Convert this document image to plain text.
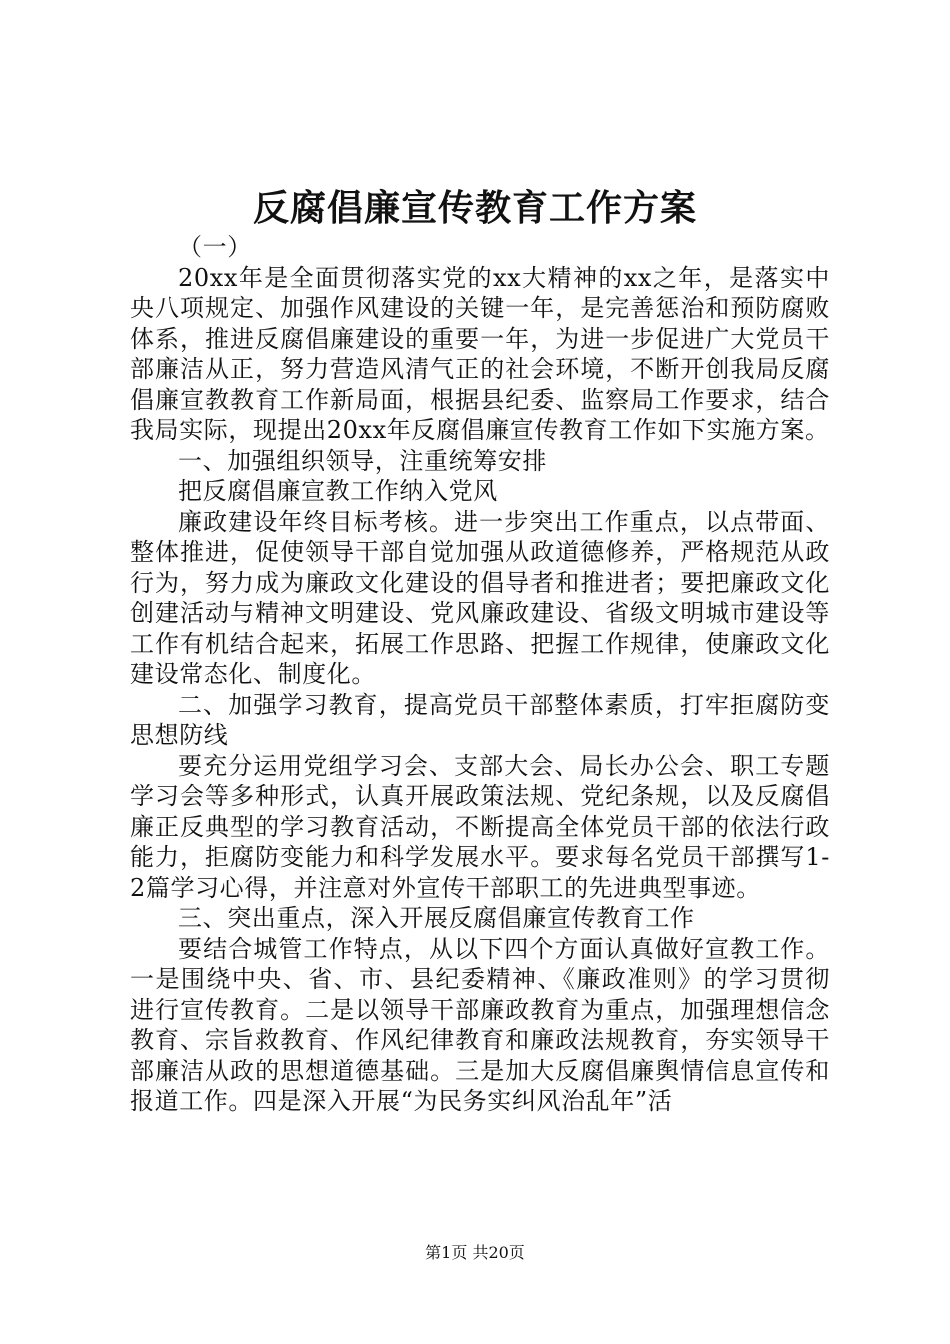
反腐倡廉宣传教育工作方案

（一）

20xx年是全面贯彻落实党的xx大精神的xx之年，是落实中央八项规定、加强作风建设的关键一年，是完善惩治和预防腐败体系，推进反腐倡廉建设的重要一年，为进一步促进广大党员干部廉洁从正，努力营造风清气正的社会环境，不断开创我局反腐倡廉宣教教育工作新局面，根据县纪委、监察局工作要求，结合我局实际，现提出20xx年反腐倡廉宣传教育工作如下实施方案。

一、加强组织领导，注重统筹安排

把反腐倡廉宣教工作纳入党风

廉政建设年终目标考核。进一步突出工作重点，以点带面、整体推进，促使领导干部自觉加强从政道德修养，严格规范从政行为，努力成为廉政文化建设的倡导者和推进者；要把廉政文化创建活动与精神文明建设、党风廉政建设、省级文明城市建设等工作有机结合起来，拓展工作思路、把握工作规律，使廉政文化建设常态化、制度化。

二、加强学习教育，提高党员干部整体素质，打牢拒腐防变思想防线

要充分运用党组学习会、支部大会、局长办公会、职工专题学习会等多种形式，认真开展政策法规、党纪条规，以及反腐倡廉正反典型的学习教育活动，不断提高全体党员干部的依法行政能力，拒腐防变能力和科学发展水平。要求每名党员干部撰写1-2篇学习心得，并注意对外宣传干部职工的先进典型事迹。

三、突出重点，深入开展反腐倡廉宣传教育工作

要结合城管工作特点，从以下四个方面认真做好宣教工作。一是围绕中央、省、市、县纪委精神、《廉政准则》的学习贯彻进行宣传教育。二是以领导干部廉政教育为重点，加强理想信念教育、宗旨救教育、作风纪律教育和廉政法规教育，夯实领导干部廉洁从政的思想道德基础。三是加大反腐倡廉舆情信息宣传和报道工作。四是深入开展“为民务实纠风治乱年”活

第1页 共20页
